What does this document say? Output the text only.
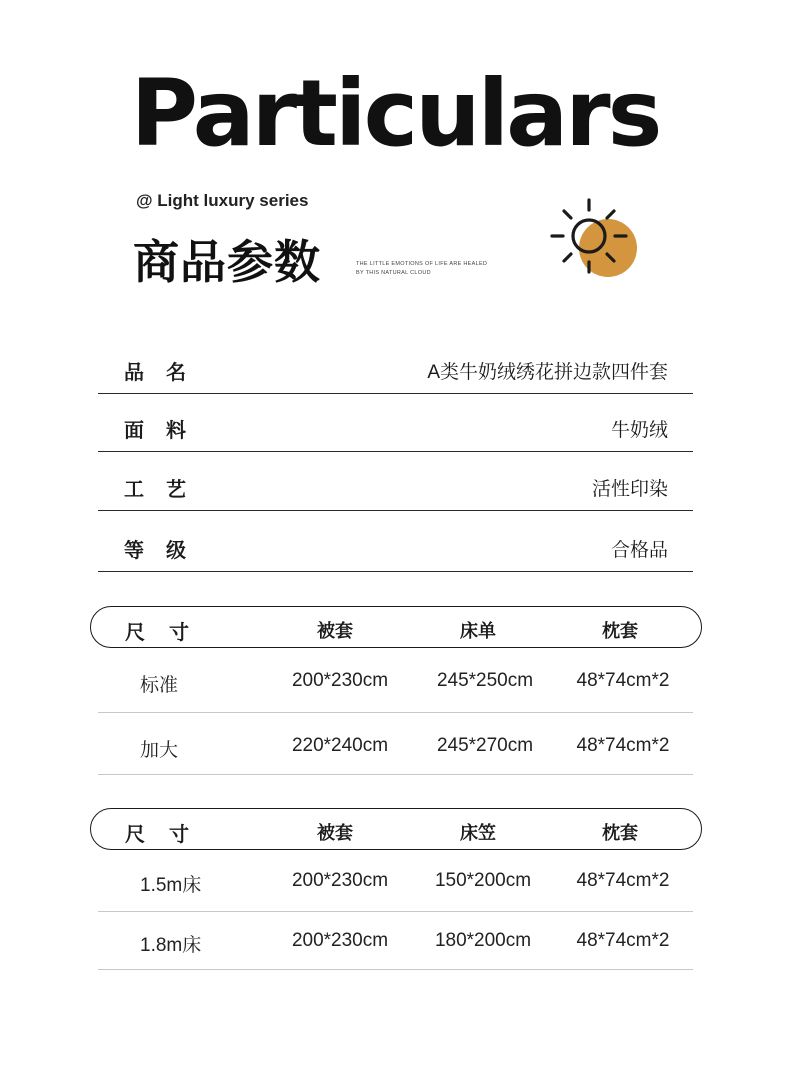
Particulars
@ Light luxury series
商品参数	THE LITTLE EMOTIONS OF LIFE ARE HEALED
BY THIS NATURAL CLOUD
品名	A类牛奶绒绣花拼边款四件套
面料	牛奶绒
工艺	活性印染
等级	合格品
尺寸	被套	床单	枕套
标准	200*230cm	245*250cm 48*74cm*2
加大	220*240cm	245*270cm 48*74cm*2
尺寸	被套	床笠	枕套
1.5m床	200*230cm 150*200cm 48*74cm*2
1.8m床	200*230cm 180*200cm 48*74cm*2
